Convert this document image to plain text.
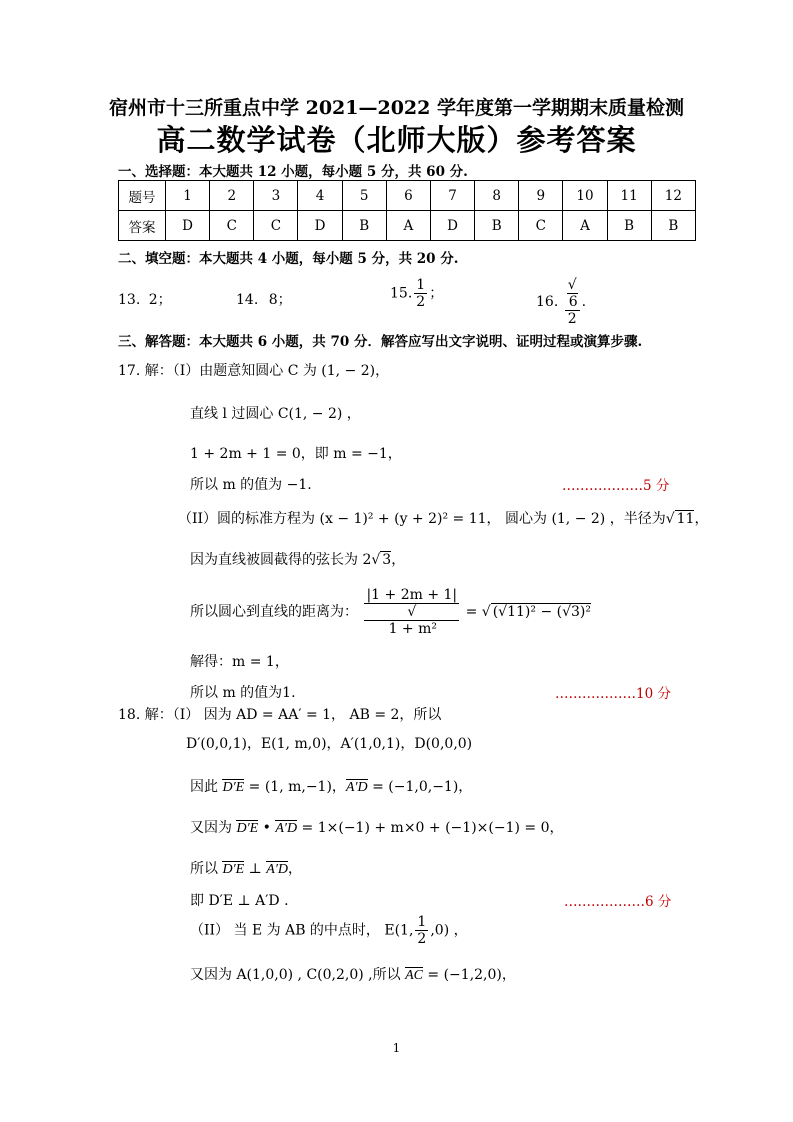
宿州市十三所重点中学 2021—2022 学年度第一学期期末质量检测
高二数学试卷（北师大版）参考答案
一、选择题：本大题共 12 小题，每小题 5 分，共 60 分.
题号	1	2	3	4	5	6	7	8	9	10	11	12
答案	D	C	C	D	B	A	D	B	C	A	B	B
二、填空题：本大题共 4 小题，每小题 5 分，共 20 分.
13. 2；	14. 8；	15. $\frac{1}{2}$ ；
16. √
6
2 .
三、解答题：本大题共 6 小题，共 70 分．解答应写出文字说明、证明过程或演算步骤.
17. 解：（I）由题意知圆心 C 为 (1, − 2)，
直线 l 过圆心 C(1, − 2) ，
1 + 2m + 1 = 0，即 m = −1，
所以 m 的值为 −1.	………………5 分
（II）圆的标准方程为 (x − 1)² + (y + 2)² = 11， 圆心为 (1, − 2) ，半径为√ 11，
因为直线被圆截得的弦长为 2√ 3，
所以圆心到直线的距离为： |1 + 2m + 1|
√
1 + m² = √ (√11)² − (√3)²
解得：m = 1，
所以 m 的值为1.	………………10 分
18. 解：（I） 因为 AD = AA′ = 1， AB = 2，所以
D′(0,0,1)，E(1, m,0)，A′(1,0,1)，D(0,0,0)
因此 D′E = (1, m,−1)，A′D = (−1,0,−1)，
又因为 D′E • A′D = 1×(−1) + m×0 + (−1)×(−1) = 0，
所以 D′E ⊥ A′D，
即 D′E ⊥ A′D .	………………6 分
（II） 当 E 为 AB 的中点时， E(1, $\frac{1}{2} ,0$) ，
又因为 A(1,0,0) , C(0,2,0) ,所以 AC = (−1,2,0)，
1
